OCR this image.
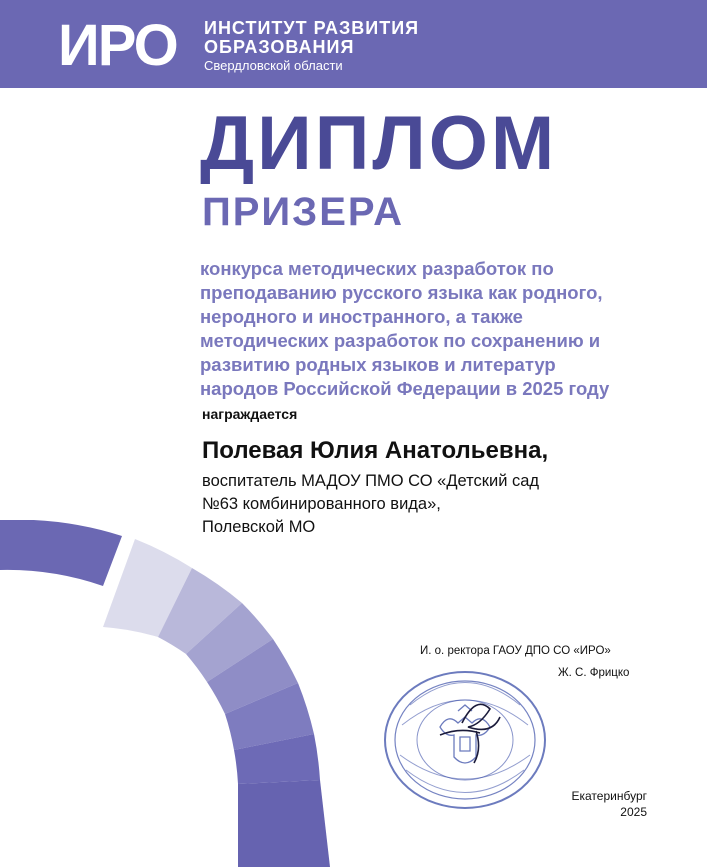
ИРО ИНСТИТУТ РАЗВИТИЯ
ОБРАЗОВАНИЯ
Свердловской области
ДИПЛОМ
ПРИЗЕРА
конкурса методических разработок по
преподаванию русского языка как родного,
неродного и иностранного, а также
методических разработок по сохранению и
развитию родных языков и литератур
народов Российской Федерации в 2025 году
награждается
Полевая Юлия Анатольевна,
воспитатель МАДОУ ПМО СО «Детский сад
№63 комбинированного вида»,
Полевской МО
И. о. ректора ГАОУ ДПО СО «ИРО»
Ж. С. Фрицко
Екатеринбург
2025
